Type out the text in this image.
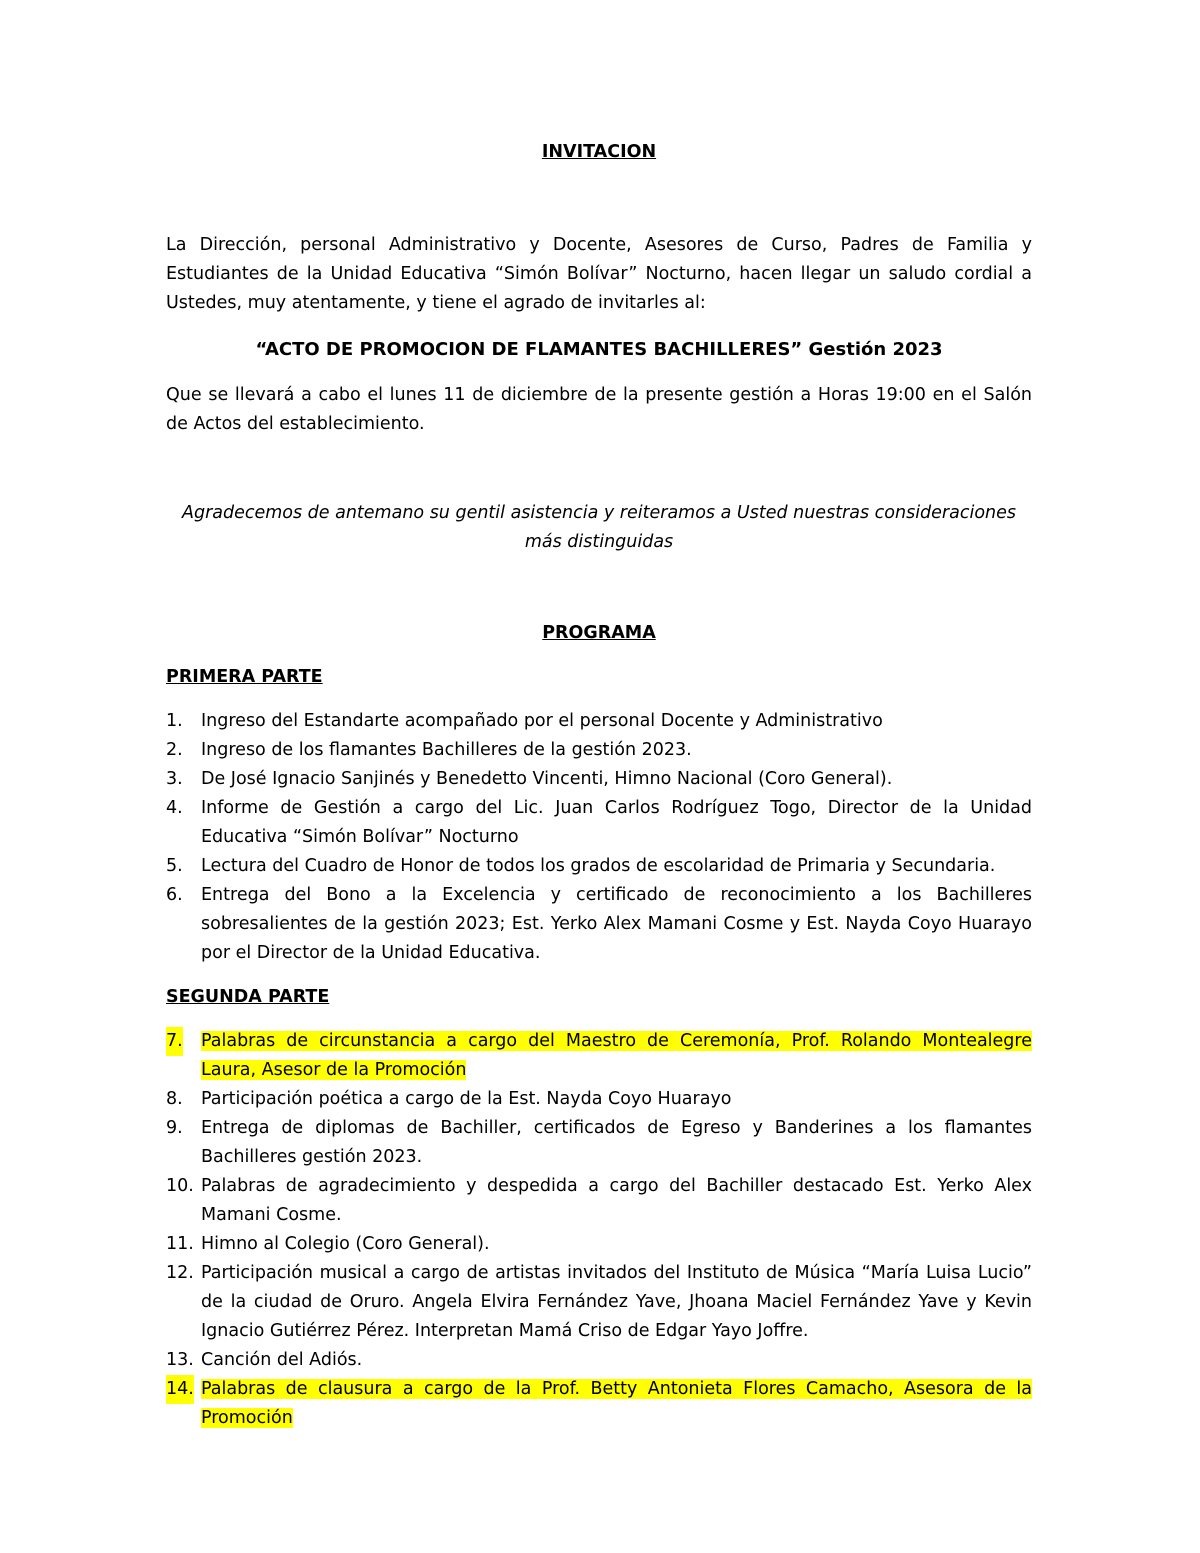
INVITACION

La Dirección, personal Administrativo y Docente, Asesores de Curso, Padres de Familia y Estudiantes de la Unidad Educativa “Simón Bolívar” Nocturno, hacen llegar un saludo cordial a Ustedes, muy atentamente, y tiene el agrado de invitarles al:

“ACTO DE PROMOCION DE FLAMANTES BACHILLERES” Gestión 2023

Que se llevará a cabo el lunes 11 de diciembre de la presente gestión a Horas 19:00 en el Salón de Actos del establecimiento.

Agradecemos de antemano su gentil asistencia y reiteramos a Usted nuestras consideraciones más distinguidas

PROGRAMA

PRIMERA PARTE

1. Ingreso del Estandarte acompañado por el personal Docente y Administrativo
2. Ingreso de los flamantes Bachilleres de la gestión 2023.
3. De José Ignacio Sanjinés y Benedetto Vincenti, Himno Nacional (Coro General).
4. Informe de Gestión a cargo del Lic. Juan Carlos Rodríguez Togo, Director de la Unidad Educativa “Simón Bolívar” Nocturno
5. Lectura del Cuadro de Honor de todos los grados de escolaridad de Primaria y Secundaria.
6. Entrega del Bono a la Excelencia y certificado de reconocimiento a los Bachilleres sobresalientes de la gestión 2023; Est. Yerko Alex Mamani Cosme y Est. Nayda Coyo Huarayo por el Director de la Unidad Educativa.

SEGUNDA PARTE

7. Palabras de circunstancia a cargo del Maestro de Ceremonía, Prof. Rolando Montealegre Laura, Asesor de la Promoción
8. Participación poética a cargo de la Est. Nayda Coyo Huarayo
9. Entrega de diplomas de Bachiller, certificados de Egreso y Banderines a los flamantes Bachilleres gestión 2023.
10. Palabras de agradecimiento y despedida a cargo del Bachiller destacado Est. Yerko Alex Mamani Cosme.
11. Himno al Colegio (Coro General).
12. Participación musical a cargo de artistas invitados del Instituto de Música “María Luisa Lucio” de la ciudad de Oruro. Angela Elvira Fernández Yave, Jhoana Maciel Fernández Yave y Kevin Ignacio Gutiérrez Pérez. Interpretan Mamá Criso de Edgar Yayo Joffre.
13. Canción del Adiós.
14. Palabras de clausura a cargo de la Prof. Betty Antonieta Flores Camacho, Asesora de la Promoción
